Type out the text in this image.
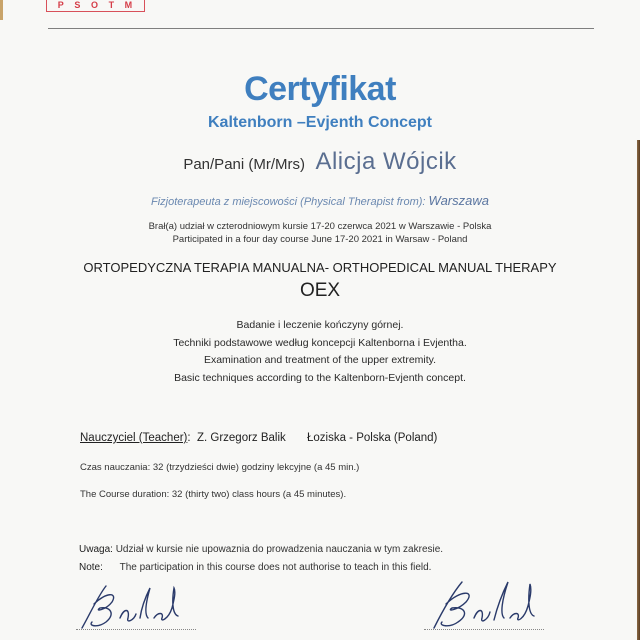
P S O T M
Certyfikat
Kaltenborn –Evjenth Concept
Pan/Pani (Mr/Mrs) Alicja Wójcik
Fizjoterapeuta z miejscowości (Physical Therapist from): Warszawa
Brał(a) udział w czterodniowym kursie 17-20 czerwca 2021 w Warszawie - Polska
Participated in a four day course June 17-20 2021 in Warsaw - Poland
ORTOPEDYCZNA TERAPIA MANUALNA- ORTHOPEDICAL MANUAL THERAPY
OEX
Badanie i leczenie kończyny górnej.
Techniki podstawowe według koncepcji Kaltenborna i Evjentha.
Examination and treatment of the upper extremity.
Basic techniques according to the Kaltenborn-Evjenth concept.
Nauczyciel (Teacher):  Z. Grzegorz Balik Łoziska - Polska (Poland)
Czas nauczania: 32 (trzydzieści dwie) godziny lekcyjne (a 45 min.)
The Course duration: 32 (thirty two) class hours (a 45 minutes).
Uwaga: Udział w kursie nie upowaznia do prowadzenia nauczania w tym zakresie.
Note: The participation in this course does not authorise to teach in this field.
